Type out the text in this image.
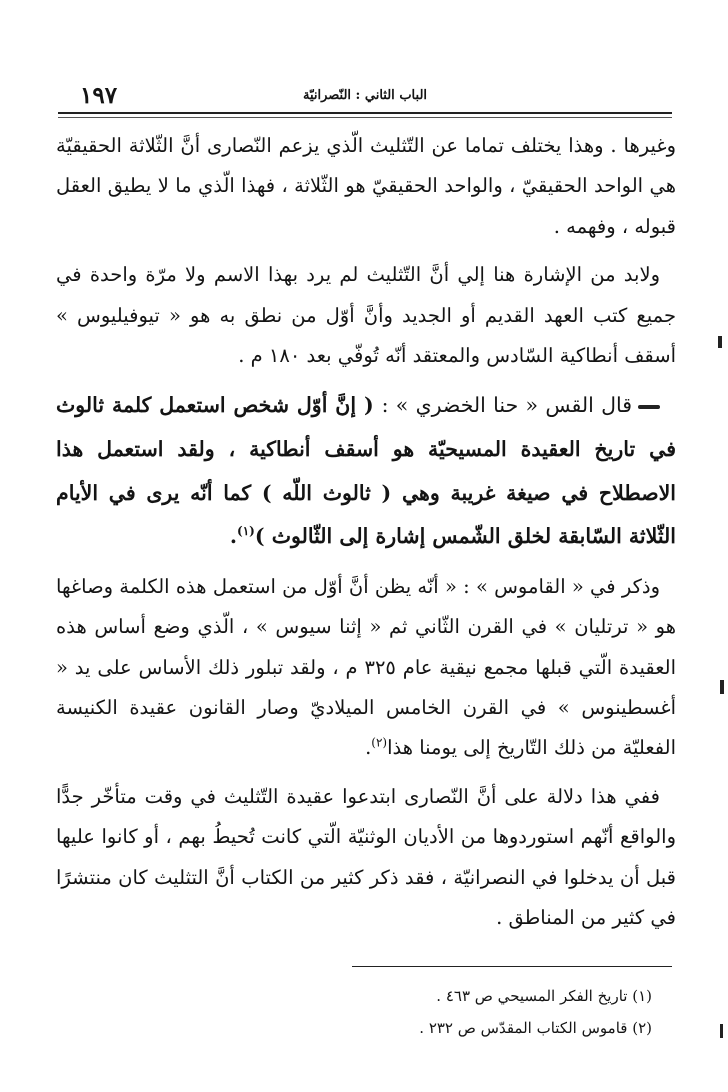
١٩٧	الباب الثاني : النّصرانيّة

وغيرها . وهذا يختلف تماما عن التّثليث الّذي يزعم النّصارى أنَّ الثّلاثة الحقيقيّة هي الواحد الحقيقيّ ، والواحد الحقيقيّ هو الثّلاثة ، فهذا الّذي ما لا يطيق العقل قبوله ، وفهمه .

ولابد من الإشارة هنا إلي أنَّ التّثليث لم يرد بهذا الاسم ولا مرّة واحدة في جميع كتب العهد القديم أو الجديد وأنَّ أوّل من نطق به هو « تيوفيليوس » أسقف أنطاكية السّادس والمعتقد أنّه تُوفّي بعد ١٨٠ م .

قال القس « حنا الخضري » : ( إنَّ أوّل شخص استعمل كلمة ثالوث في تاريخ العقيدة المسيحيّة هو أسقف أنطاكية ، ولقد استعمل هذا الاصطلاح في صيغة غريبة وهي ( ثالوث اللّه ) كما أنّه يرى في الأيام الثّلاثة السّابقة لخلق الشّمس إشارة إلى الثّالوث )$^{(١)}$.

وذكر في « القاموس » : « أنّه يظن أنَّ أوّل من استعمل هذه الكلمة وصاغها هو « ترتليان » في القرن الثّاني ثم « إثنا سيوس » ، الّذي وضع أساس هذه العقيدة الّتي قبلها مجمع نيقية عام ٣٢٥ م ، ولقد تبلور ذلك الأساس على يد « أغسطينوس » في القرن الخامس الميلاديّ وصار القانون عقيدة الكنيسة الفعليّة من ذلك التّاريخ إلى يومنا هذا$^{(٢)}$.

ففي هذا دلالة على أنَّ النّصارى ابتدعوا عقيدة التّثليث في وقت متأخّر جدًّا والواقع أنّهم استوردوها من الأديان الوثنيّة الّتي كانت تُحيطُ بهم ، أو كانوا عليها قبل أن يدخلوا في النصرانيّة ، فقد ذكر كثير من الكتاب أنَّ التثليث كان منتشرًا في كثير من المناطق .

(١) تاريخ الفكر المسيحي ص ٤٦٣ .

(٢) قاموس الكتاب المقدّس ص ٢٣٢ .
